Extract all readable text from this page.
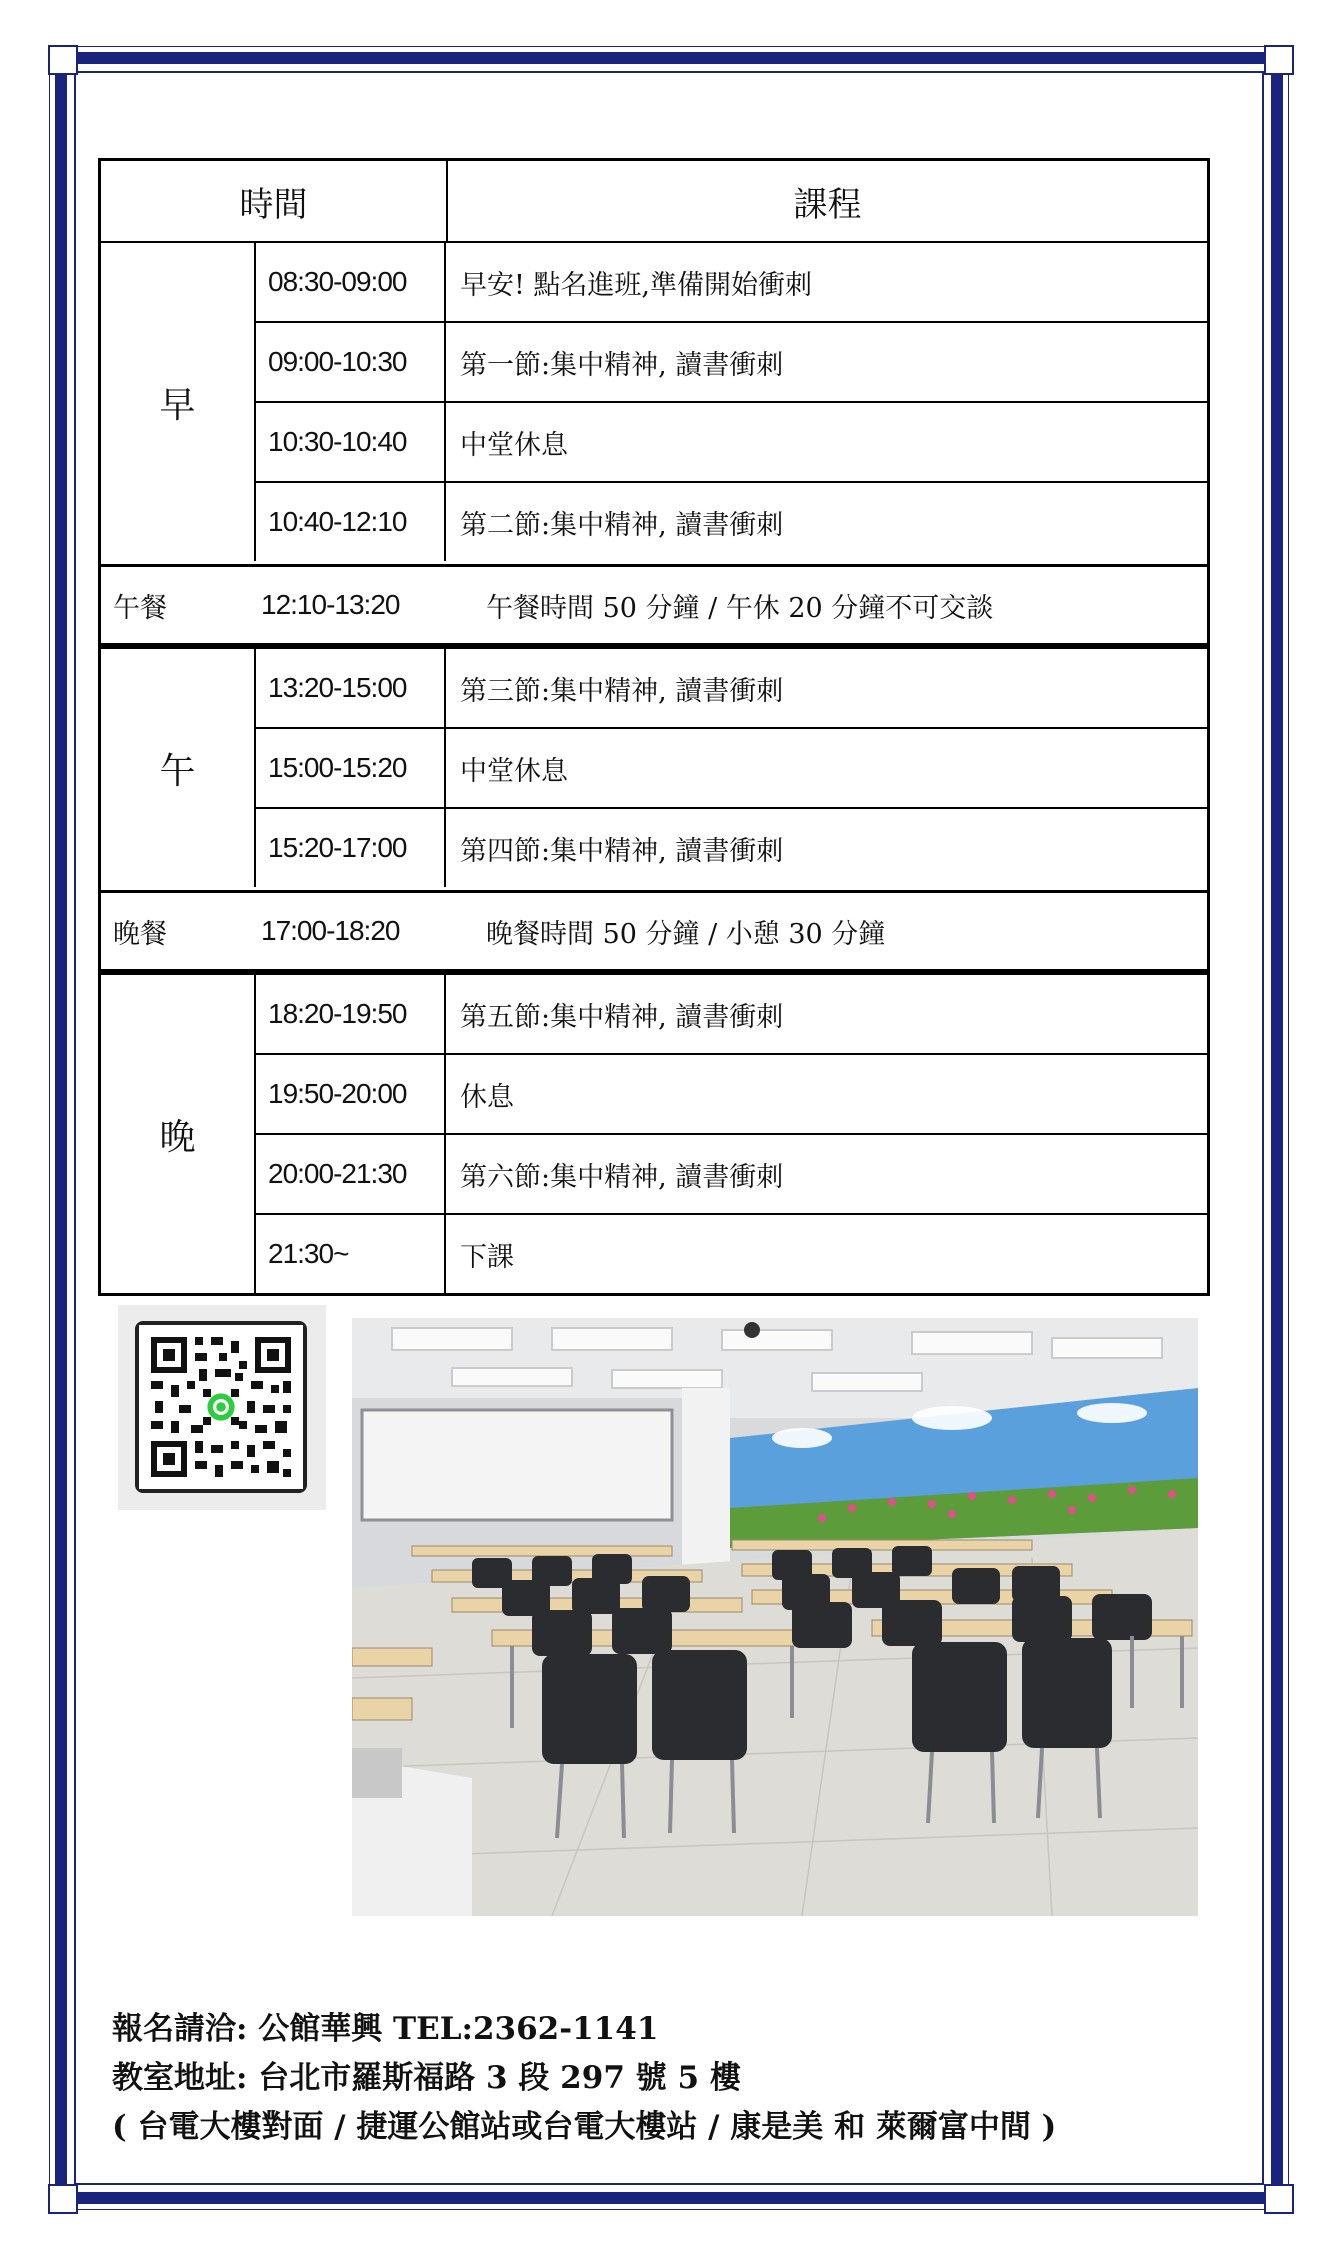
時間	課程
早
08:30-09:00	早安! 點名進班,準備開始衝刺
09:00-10:30	第一節:集中精神, 讀書衝刺
10:30-10:40	中堂休息
10:40-12:10	第二節:集中精神, 讀書衝刺
午餐	12:10-13:20	午餐時間 50 分鐘 / 午休 20 分鐘不可交談
午
13:20-15:00	第三節:集中精神, 讀書衝刺
15:00-15:20	中堂休息
15:20-17:00	第四節:集中精神, 讀書衝刺
晚餐	17:00-18:20	晚餐時間 50 分鐘 / 小憩 30 分鐘
晚
18:20-19:50	第五節:集中精神, 讀書衝刺
19:50-20:00	休息
20:00-21:30	第六節:集中精神, 讀書衝刺
21:30~	下課
報名請洽: 公館華興 TEL:2362-1141
教室地址: 台北市羅斯福路 3 段 297 號 5 樓
( 台電大樓對面 / 捷運公館站或台電大樓站 / 康是美 和 萊爾富中間 )
